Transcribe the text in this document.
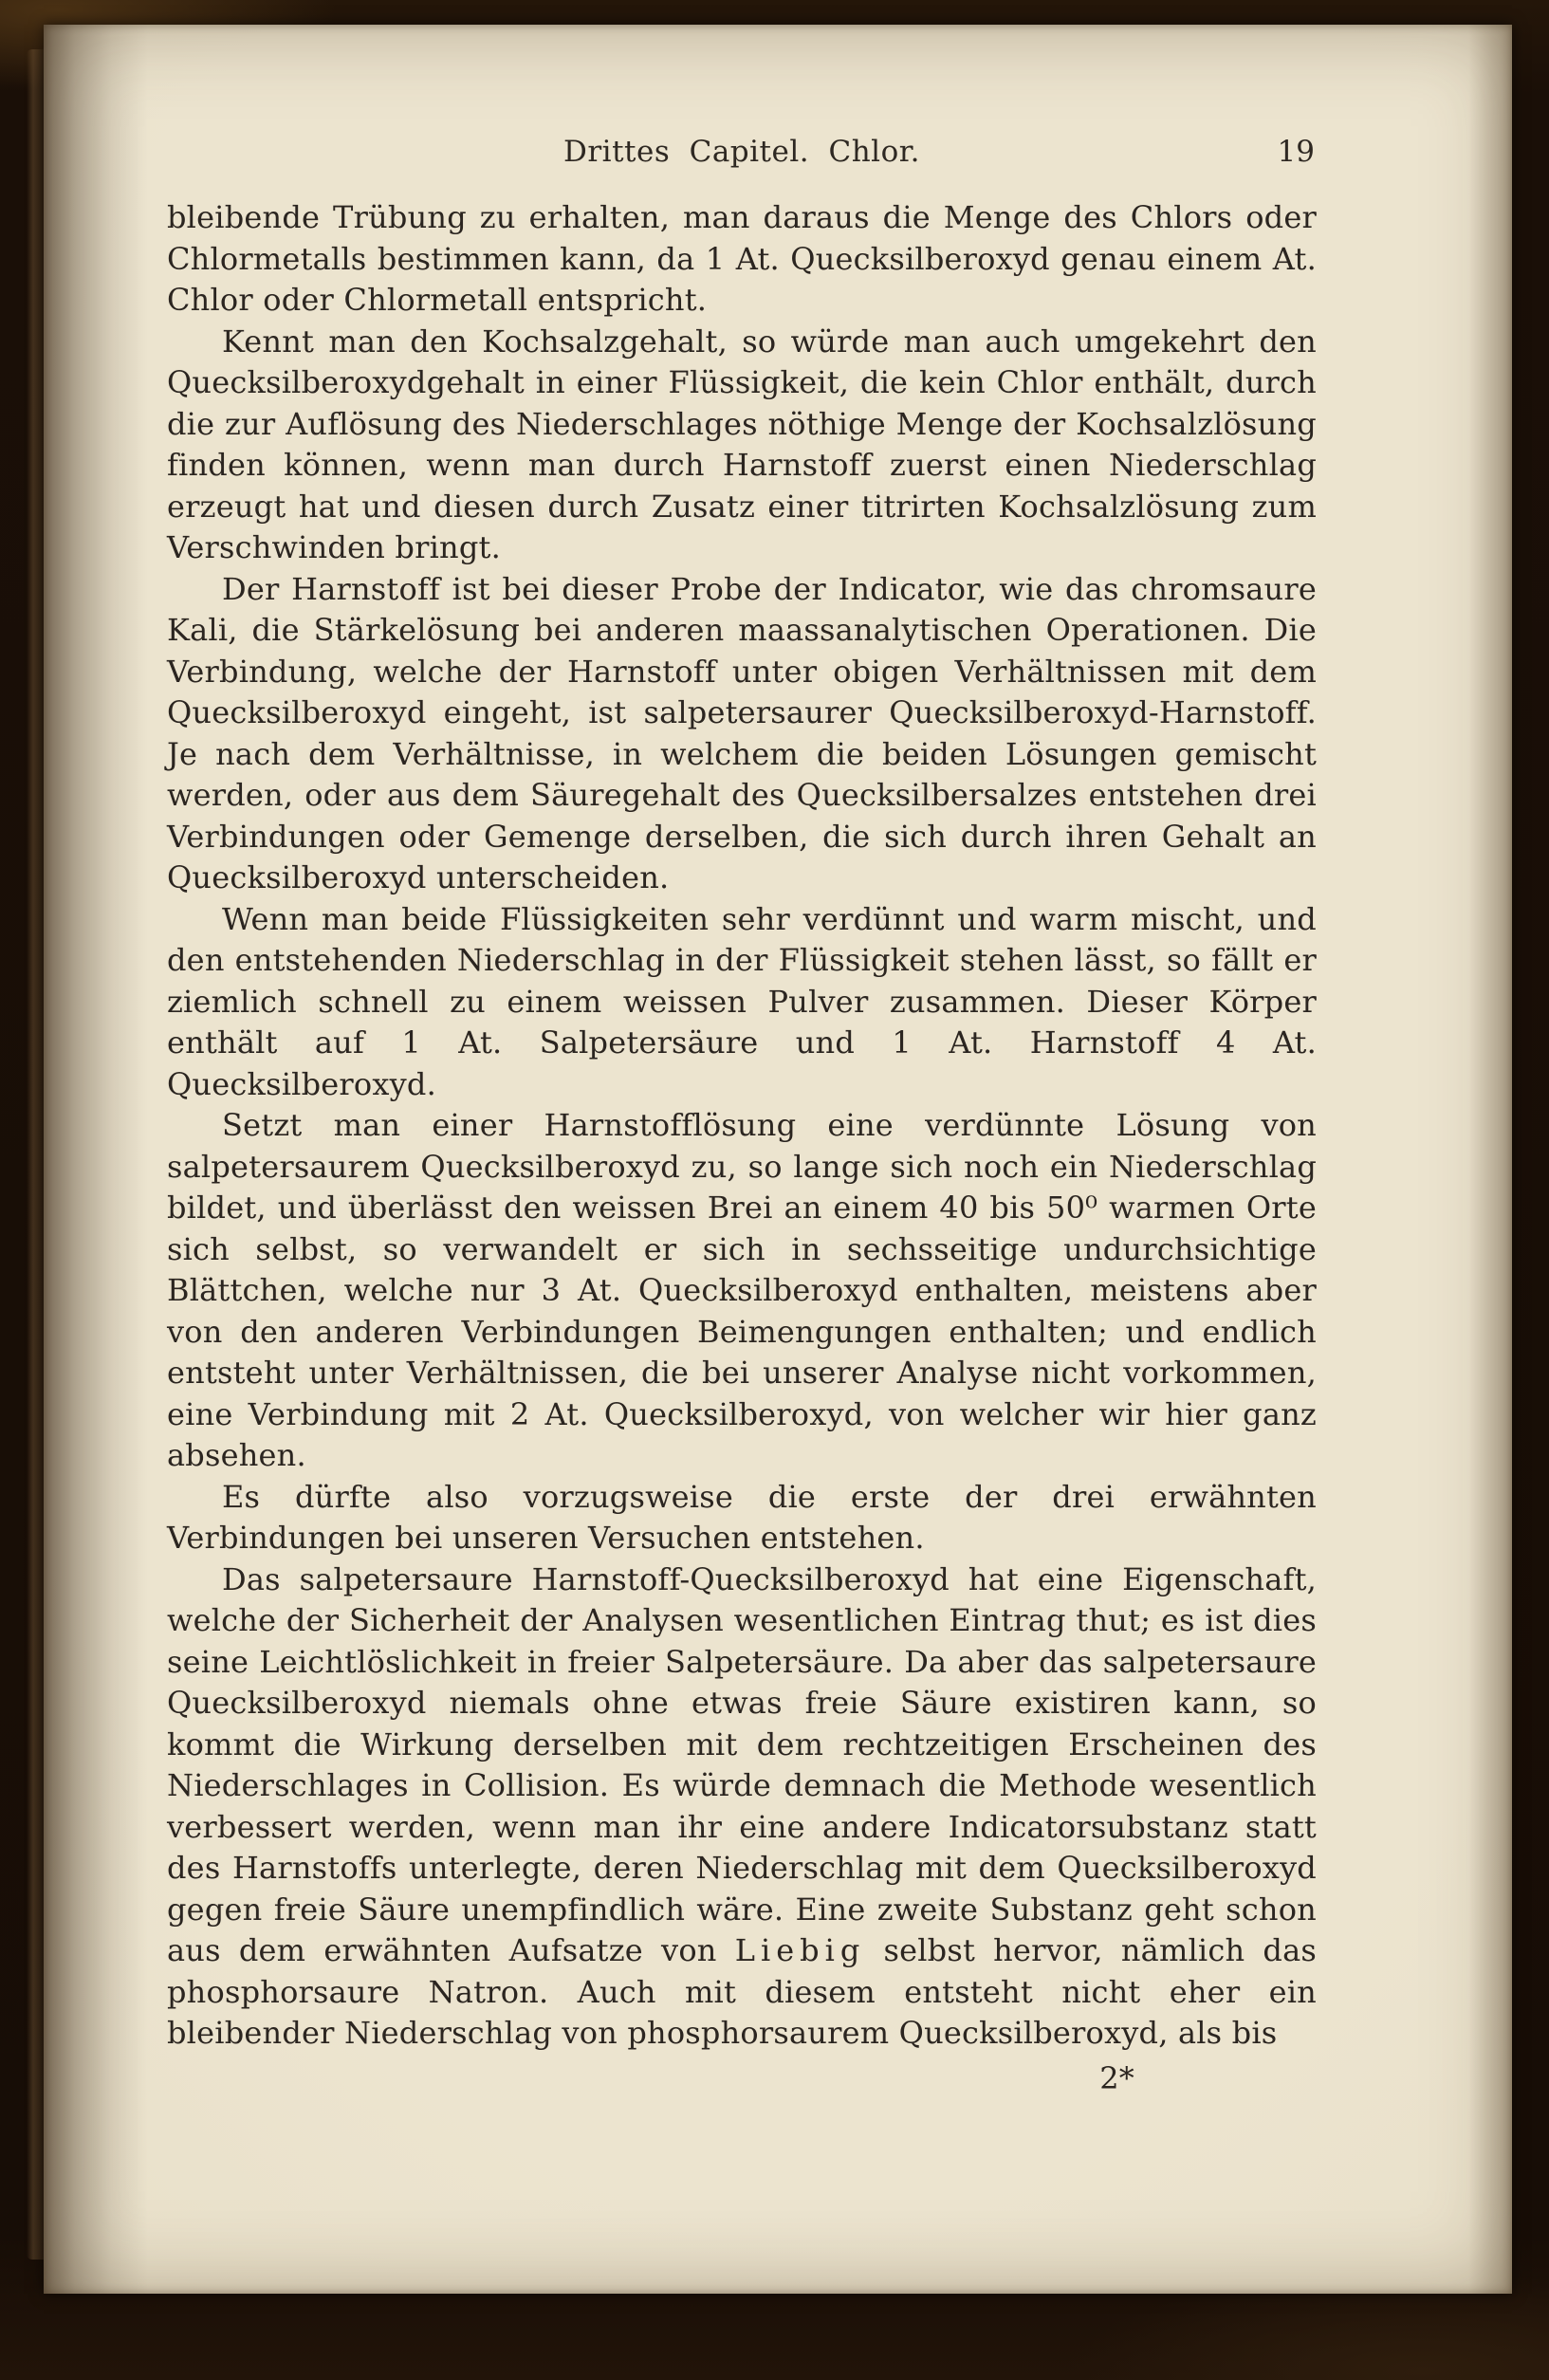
Drittes Capitel. Chlor.	19

bleibende Trübung zu erhalten, man daraus die Menge des Chlors oder Chlormetalls bestimmen kann, da 1 At. Quecksilberoxyd genau einem At. Chlor oder Chlormetall entspricht.

Kennt man den Kochsalzgehalt, so würde man auch umgekehrt den Quecksilberoxydgehalt in einer Flüssigkeit, die kein Chlor enthält, durch die zur Auflösung des Niederschlages nöthige Menge der Kochsalzlösung finden können, wenn man durch Harnstoff zuerst einen Niederschlag erzeugt hat und diesen durch Zusatz einer titrirten Kochsalzlösung zum Verschwinden bringt.

Der Harnstoff ist bei dieser Probe der Indicator, wie das chromsaure Kali, die Stärkelösung bei anderen maassanalytischen Operationen. Die Verbindung, welche der Harnstoff unter obigen Verhältnissen mit dem Quecksilberoxyd eingeht, ist salpetersaurer Quecksilberoxyd-Harnstoff. Je nach dem Verhältnisse, in welchem die beiden Lösungen gemischt werden, oder aus dem Säuregehalt des Quecksilbersalzes entstehen drei Verbindungen oder Gemenge derselben, die sich durch ihren Gehalt an Quecksilberoxyd unterscheiden.

Wenn man beide Flüssigkeiten sehr verdünnt und warm mischt, und den entstehenden Niederschlag in der Flüssigkeit stehen lässt, so fällt er ziemlich schnell zu einem weissen Pulver zusammen. Dieser Körper enthält auf 1 At. Salpetersäure und 1 At. Harnstoff 4 At. Quecksilberoxyd.

Setzt man einer Harnstofflösung eine verdünnte Lösung von salpetersaurem Quecksilberoxyd zu, so lange sich noch ein Niederschlag bildet, und überlässt den weissen Brei an einem 40 bis 50⁰ warmen Orte sich selbst, so verwandelt er sich in sechsseitige undurchsichtige Blättchen, welche nur 3 At. Quecksilberoxyd enthalten, meistens aber von den anderen Verbindungen Beimengungen enthalten; und endlich entsteht unter Verhältnissen, die bei unserer Analyse nicht vorkommen, eine Verbindung mit 2 At. Quecksilberoxyd, von welcher wir hier ganz absehen.

Es dürfte also vorzugsweise die erste der drei erwähnten Verbindungen bei unseren Versuchen entstehen.

Das salpetersaure Harnstoff-Quecksilberoxyd hat eine Eigenschaft, welche der Sicherheit der Analysen wesentlichen Eintrag thut; es ist dies seine Leichtlöslichkeit in freier Salpetersäure. Da aber das salpetersaure Quecksilberoxyd niemals ohne etwas freie Säure existiren kann, so kommt die Wirkung derselben mit dem rechtzeitigen Erscheinen des Niederschlages in Collision. Es würde demnach die Methode wesentlich verbessert werden, wenn man ihr eine andere Indicatorsubstanz statt des Harnstoffs unterlegte, deren Niederschlag mit dem Quecksilberoxyd gegen freie Säure unempfindlich wäre. Eine zweite Substanz geht schon aus dem erwähnten Aufsatze von Liebig selbst hervor, nämlich das phosphorsaure Natron. Auch mit diesem entsteht nicht eher ein bleibender Niederschlag von phosphorsaurem Quecksilberoxyd, als bis

2*
